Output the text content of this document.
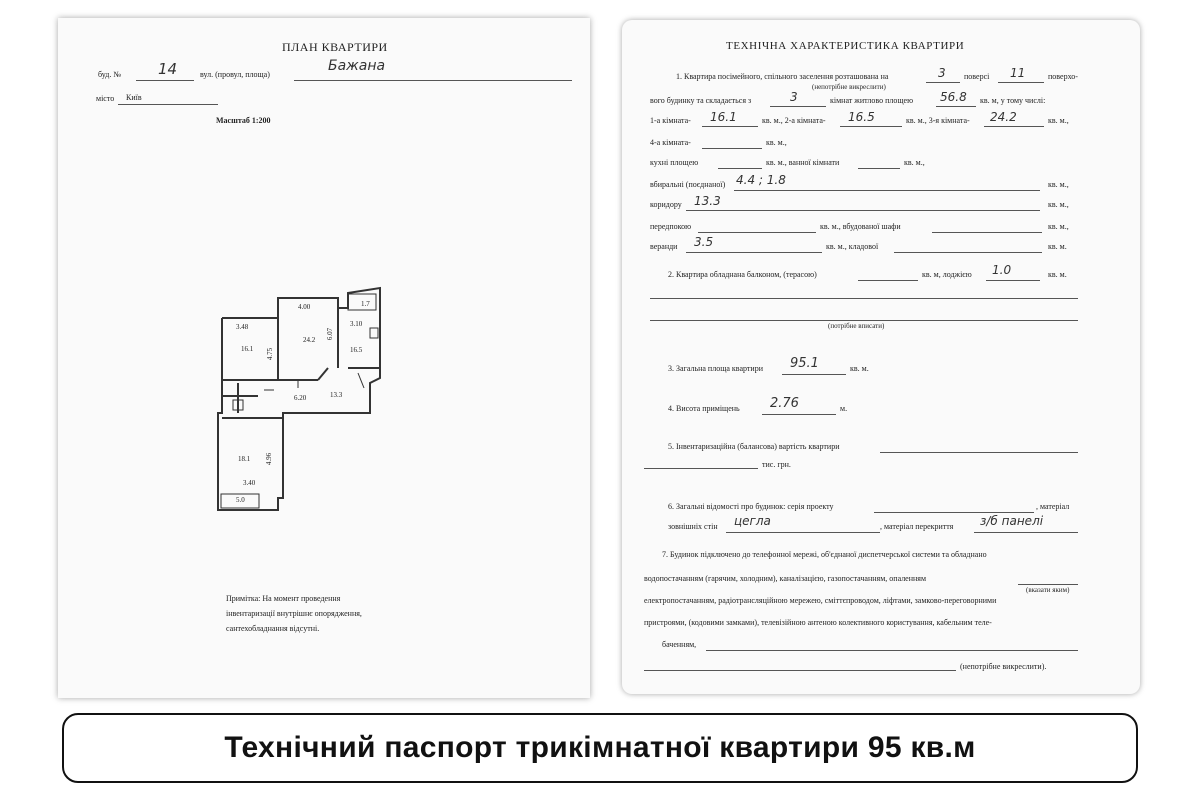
ПЛАН КВАРТИРИ
буд. № 14	вул. (провул, площа)
Бажана
місто Київ
Масштаб 1:200
3.48
16.1 4.75
4.00
24.2 6.07
3.10
16.5
1.7
13.3
6.20
18.1 4.96
3.40
5.0
Примітка: На момент проведення
інвентаризації внутрішнє опорядження,
сантехобладнання відсутні.
ТЕХНІЧНА ХАРАКТЕРИСТИКА КВАРТИРИ
1. Квартира посімейного, спільного заселення розташована на	3 поверсі 11	поверхо-
(непотрібне викреслити)
вого будинку та складається з	3	кімнат житлово площею 56.8 кв. м, у тому числі:
1-а кімната- 16.1	кв. м., 2-а кімната- 16.5	кв. м., 3-я кімната- 24.2	кв. м.,
4-а кімната-	кв. м.,
кухні площею	кв. м., ванної кімнати	кв. м.,
вбиральні (поєднаної) 4.4 ; 1.8	кв. м.,
коридору 13.3	кв. м.,
передпокою	кв. м., вбудованої шафи	кв. м.,
веранди 3.5	кв. м., кладової	кв. м.
2. Квартира обладнана балконом, (терасою)	кв. м, лоджією 1.0	кв. м.
(потрібне вписати)
3. Загальна площа квартири 95.1	кв. м.
4. Висота приміщень 2.76	м.
5. Інвентаризаційна (балансова) вартість квартири
тис. грн.
6. Загальні відомості про будинок: серія проекту	, матеріал
зовнішніх стін цегла	, матеріал перекриття з/б панелі
7. Будинок підключено до телефонної мережі, об'єднаної диспетчерської системи та обладнано
водопостачанням (гарячим, холодним), каналізацією, газопостачанням, опаленням
(вказати яким)
електропостачанням, радіотрансляційною мережею, сміттєпроводом, ліфтами, замково-переговорними
пристроями, (кодовими замками), телевізійною антеною колективного користування, кабельним теле-
баченням,
(непотрібне викреслити).
Технічний паспорт трикімнатної квартири 95 кв.м
